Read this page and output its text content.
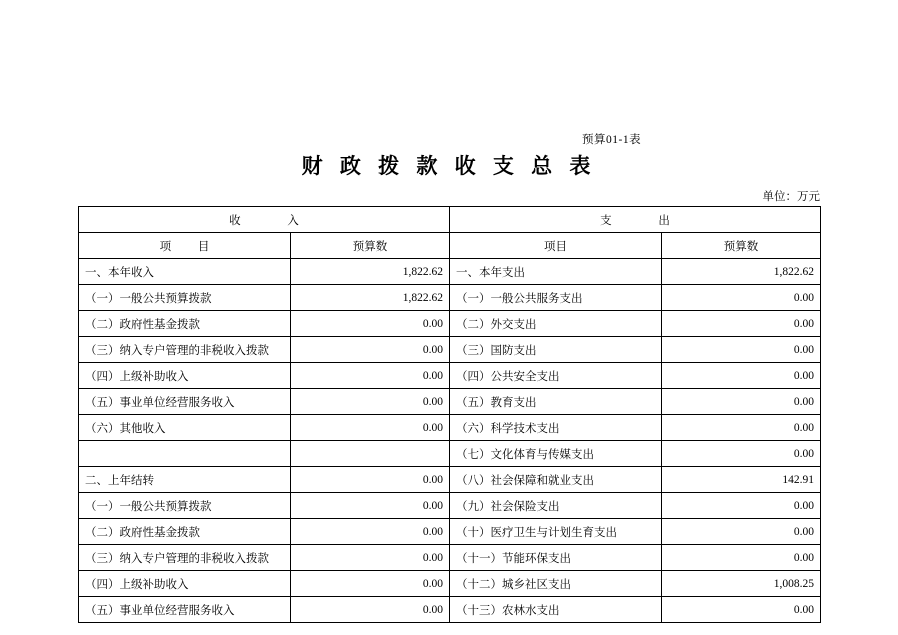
预算01-1表
财 政 拨 款 收 支 总 表
单位：万元
收 入		支 出	
项 目	预算数	项目	预算数
一、本年收入	1,822.62	一、本年支出	1,822.62
（一）一般公共预算拨款	1,822.62	（一）一般公共服务支出	0.00
（二）政府性基金拨款	0.00	（二）外交支出	0.00
（三）纳入专户管理的非税收入拨款	0.00	（三）国防支出	0.00
（四）上级补助收入	0.00	（四）公共安全支出	0.00
（五）事业单位经营服务收入	0.00	（五）教育支出	0.00
（六）其他收入	0.00	（六）科学技术支出	0.00
		（七）文化体育与传媒支出	0.00
二、上年结转	0.00	（八）社会保障和就业支出	142.91
（一）一般公共预算拨款	0.00	（九）社会保险支出	0.00
（二）政府性基金拨款	0.00	（十）医疗卫生与计划生育支出	0.00
（三）纳入专户管理的非税收入拨款	0.00	（十一）节能环保支出	0.00
（四）上级补助收入	0.00	（十二）城乡社区支出	1,008.25
（五）事业单位经营服务收入	0.00	（十三）农林水支出	0.00
